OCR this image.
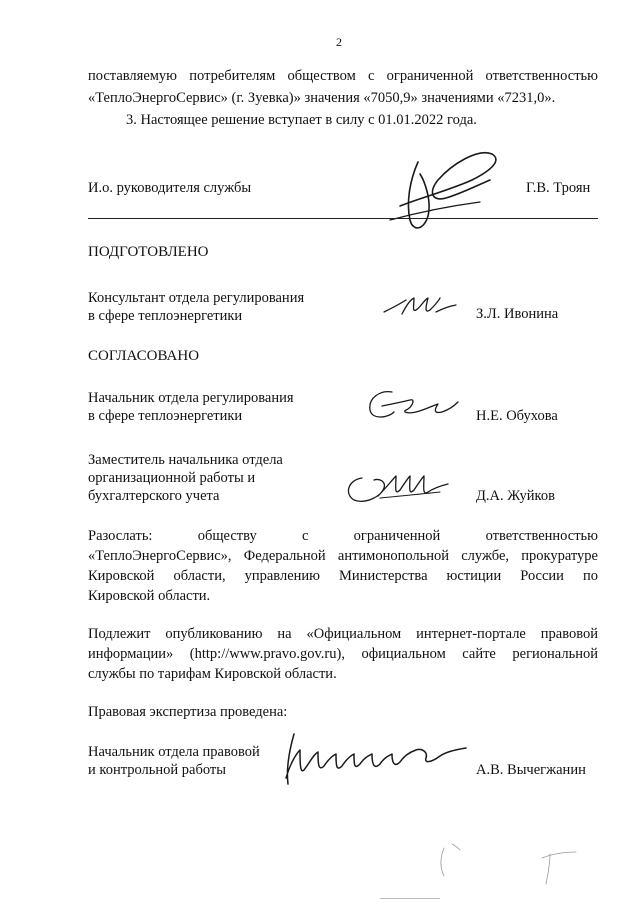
2
поставляемую потребителям обществом с ограниченной ответственностью
«ТеплоЭнергоСервис» (г. Зуевка)» значения «7050,9» значениями «7231,0».
3. Настоящее решение вступает в силу с 01.01.2022 года.
И.о. руководителя службы	Г.В. Троян
ПОДГОТОВЛЕНО
Консультант отдела регулирования
в сфере теплоэнергетики	З.Л. Ивонина
СОГЛАСОВАНО
Начальник отдела регулирования
в сфере теплоэнергетики	Н.Е. Обухова
Заместитель начальника отдела
организационной работы и
бухгалтерского учета	Д.А. Жуйков
Разослать: обществу с ограниченной ответственностью
«ТеплоЭнергоСервис», Федеральной антимонопольной службе, прокуратуре
Кировской области, управлению Министерства юстиции России по
Кировской области.
Подлежит опубликованию на «Официальном интернет-портале правовой
информации» (http://www.pravo.gov.ru), официальном сайте региональной
службы по тарифам Кировской области.
Правовая экспертиза проведена:
Начальник отдела правовой
и контрольной работы	А.В. Вычегжанин
